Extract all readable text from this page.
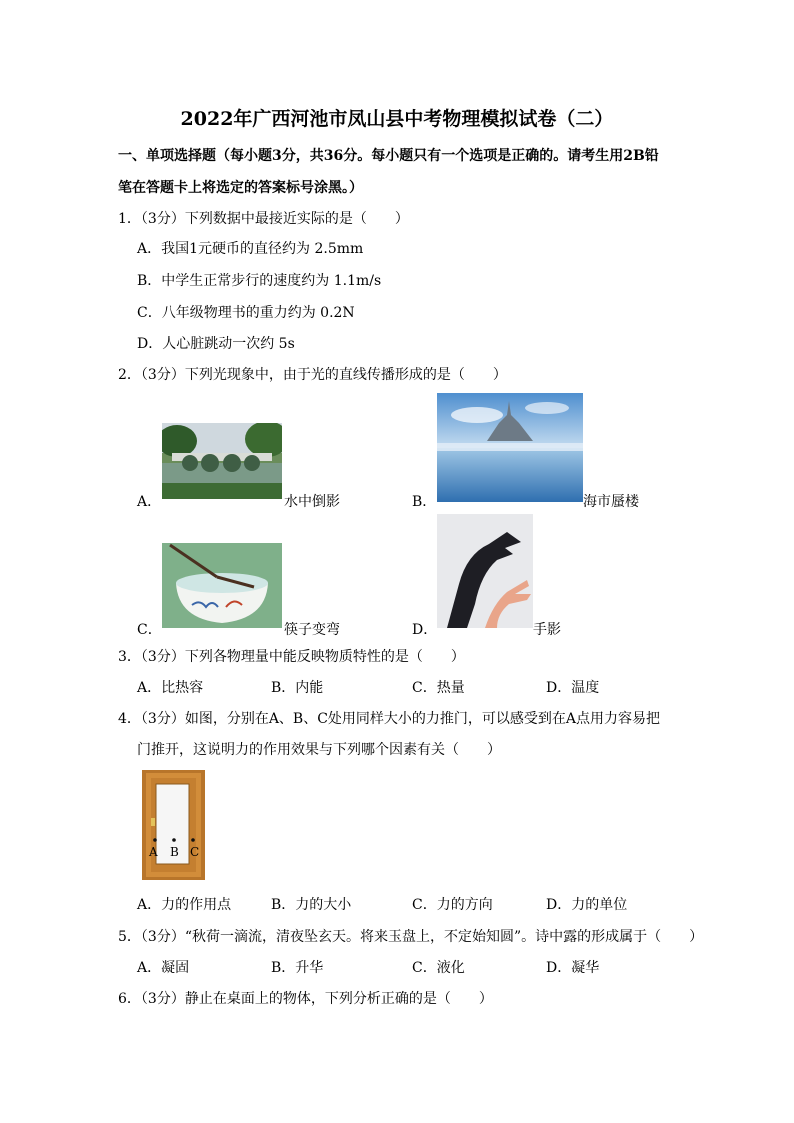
2022年广西河池市凤山县中考物理模拟试卷（二）
一、单项选择题（每小题3分，共36分。每小题只有一个选项是正确的。请考生用2B铅
笔在答题卡上将选定的答案标号涂黑。）
1．（3分）下列数据中最接近实际的是（　　）
A．我国1元硬币的直径约为 2.5mm
B．中学生正常步行的速度约为 1.1m/s
C．八年级物理书的重力约为 0.2N
D．人心脏跳动一次约 5s
2．（3分）下列光现象中，由于光的直线传播形成的是（　　）
A．	水中倒影	B．	海市蜃楼
C．	筷子变弯	D．	手影
3．（3分）下列各物理量中能反映物质特性的是（　　）
A．比热容	B．内能	C．热量	D．温度
4．（3分）如图，分别在A、B、C处用同样大小的力推门，可以感受到在A点用力容易把
门推开，这说明力的作用效果与下列哪个因素有关（　　）
A B C
A．力的作用点	B．力的大小	C．力的方向	D．力的单位
5．（3分）“秋荷一滴流，清夜坠玄天。将来玉盘上，不定始知圆”。诗中露的形成属于（　　）
A．凝固	B．升华	C．液化	D．凝华
6．（3分）静止在桌面上的物体，下列分析正确的是（　　）
